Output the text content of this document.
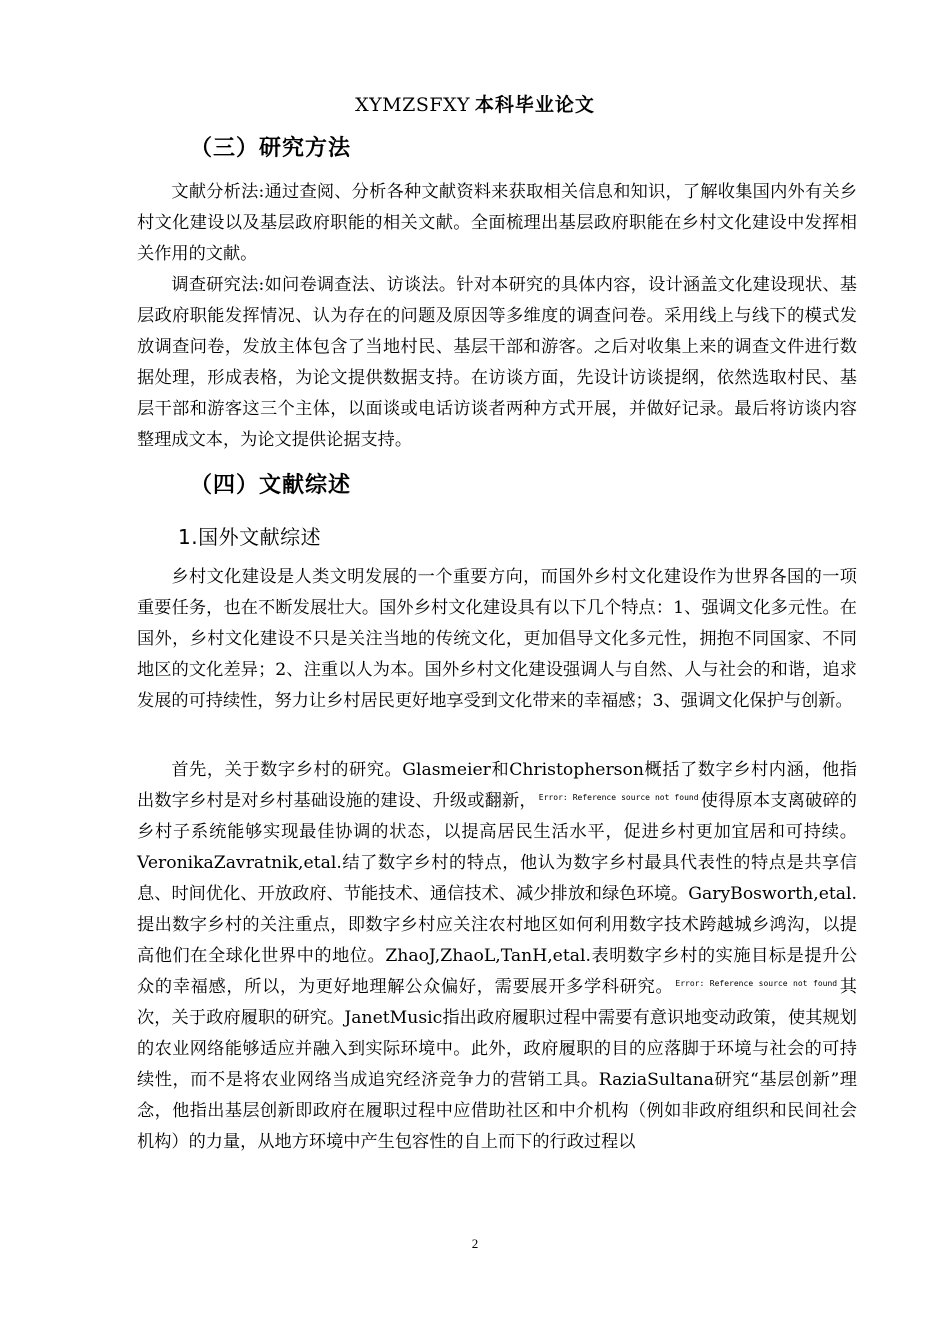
XYMZSFXY 本科毕业论文
（三）研究方法

文献分析法:通过查阅、分析各种文献资料来获取相关信息和知识，了解收集国内外有关乡村文化建设以及基层政府职能的相关文献。全面梳理出基层政府职能在乡村文化建设中发挥相关作用的文献。

调查研究法:如问卷调查法、访谈法。针对本研究的具体内容，设计涵盖文化建设现状、基层政府职能发挥情况、认为存在的问题及原因等多维度的调查问卷。采用线上与线下的模式发放调查问卷，发放主体包含了当地村民、基层干部和游客。之后对收集上来的调查文件进行数据处理，形成表格，为论文提供数据支持。在访谈方面，先设计访谈提纲，依然选取村民、基层干部和游客这三个主体，以面谈或电话访谈者两种方式开展，并做好记录。最后将访谈内容整理成文本，为论文提供论据支持。

（四）文献综述
1.国外文献综述

乡村文化建设是人类文明发展的一个重要方向，而国外乡村文化建设作为世界各国的一项重要任务，也在不断发展壮大。国外乡村文化建设具有以下几个特点：1、强调文化多元性。在国外，乡村文化建设不只是关注当地的传统文化，更加倡导文化多元性，拥抱不同国家、不同地区的文化差异；2、注重以人为本。国外乡村文化建设强调人与自然、人与社会的和谐，追求发展的可持续性，努力让乡村居民更好地享受到文化带来的幸福感；3、强调文化保护与创新。

首先，关于数字乡村的研究。Glasmeier和Christopherson概括了数字乡村内涵，他指出数字乡村是对乡村基础设施的建设、升级或翻新， $^{Error: Reference source not found}$ 使得原本支离破碎的乡村子系统能够实现最佳协调的状态，以提高居民生活水平，促进乡村更加宜居和可持续。VeronikaZavratnik,etal.结了数字乡村的特点，他认为数字乡村最具代表性的特点是共享信息、时间优化、开放政府、节能技术、通信技术、减少排放和绿色环境。GaryBosworth,etal.提出数字乡村的关注重点，即数字乡村应关注农村地区如何利用数字技术跨越城乡鸿沟，以提高他们在全球化世界中的地位。ZhaoJ,ZhaoL,TanH,etal.表明数字乡村的实施目标是提升公众的幸福感，所以，为更好地理解公众偏好，需要展开多学科研究。 $^{Error: Reference source not found}$ 其次，关于政府履职的研究。JanetMusic指出政府履职过程中需要有意识地变动政策，使其规划的农业网络能够适应并融入到实际环境中。此外，政府履职的目的应落脚于环境与社会的可持续性，而不是将农业网络当成追究经济竞争力的营销工具。RaziaSultana研究“基层创新”理念，他指出基层创新即政府在履职过程中应借助社区和中介机构（例如非政府组织和民间社会机构）的力量，从地方环境中产生包容性的自上而下的行政过程以

2
